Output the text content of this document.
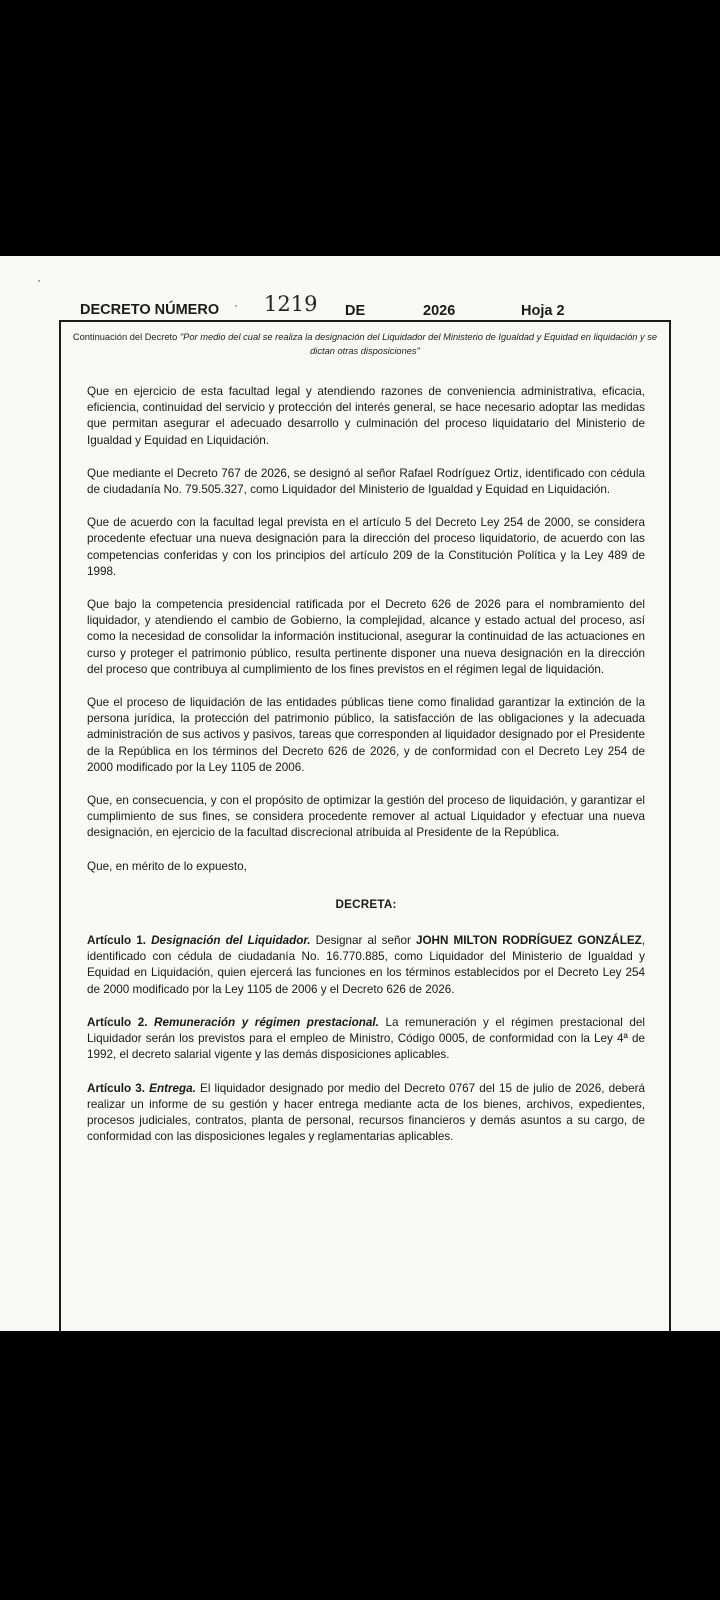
DECRETO NÚMERO · 1219 DE	2026	Hoja 2
Continuación del Decreto "Por medio del cual se realiza la designación del Liquidador del Ministerio de Igualdad y Equidad en liquidación y se dictan otras disposiciones"

Que en ejercicio de esta facultad legal y atendiendo razones de conveniencia administrativa, eficacia, eficiencia, continuidad del servicio y protección del interés general, se hace necesario adoptar las medidas que permitan asegurar el adecuado desarrollo y culminación del proceso liquidatario del Ministerio de Igualdad y Equidad en Liquidación.

Que mediante el Decreto 767 de 2026, se designó al señor Rafael Rodríguez Ortiz, identificado con cédula de ciudadanía No. 79.505.327, como Liquidador del Ministerio de Igualdad y Equidad en Liquidación.

Que de acuerdo con la facultad legal prevista en el artículo 5 del Decreto Ley 254 de 2000, se considera procedente efectuar una nueva designación para la dirección del proceso liquidatorio, de acuerdo con las competencias conferidas y con los principios del artículo 209 de la Constitución Política y la Ley 489 de 1998.

Que bajo la competencia presidencial ratificada por el Decreto 626 de 2026 para el nombramiento del liquidador, y atendiendo el cambio de Gobierno, la complejidad, alcance y estado actual del proceso, así como la necesidad de consolidar la información institucional, asegurar la continuidad de las actuaciones en curso y proteger el patrimonio público, resulta pertinente disponer una nueva designación en la dirección del proceso que contribuya al cumplimiento de los fines previstos en el régimen legal de liquidación.

Que el proceso de liquidación de las entidades públicas tiene como finalidad garantizar la extinción de la persona jurídica, la protección del patrimonio público, la satisfacción de las obligaciones y la adecuada administración de sus activos y pasivos, tareas que corresponden al liquidador designado por el Presidente de la República en los términos del Decreto 626 de 2026, y de conformidad con el Decreto Ley 254 de 2000 modificado por la Ley 1105 de 2006.

Que, en consecuencia, y con el propósito de optimizar la gestión del proceso de liquidación, y garantizar el cumplimiento de sus fines, se considera procedente remover al actual Liquidador y efectuar una nueva designación, en ejercicio de la facultad discrecional atribuida al Presidente de la República.

Que, en mérito de lo expuesto,

DECRETA:

Artículo 1. Designación del Liquidador. Designar al señor JOHN MILTON RODRÍGUEZ GONZÁLEZ, identificado con cédula de ciudadanía No. 16.770.885, como Liquidador del Ministerio de Igualdad y Equidad en Liquidación, quien ejercerá las funciones en los términos establecidos por el Decreto Ley 254 de 2000 modificado por la Ley 1105 de 2006 y el Decreto 626 de 2026.

Artículo 2. Remuneración y régimen prestacional. La remuneración y el régimen prestacional del Liquidador serán los previstos para el empleo de Ministro, Código 0005, de conformidad con la Ley 4ª de 1992, el decreto salarial vigente y las demás disposiciones aplicables.

Artículo 3. Entrega. El liquidador designado por medio del Decreto 0767 del 15 de julio de 2026, deberá realizar un informe de su gestión y hacer entrega mediante acta de los bienes, archivos, expedientes, procesos judiciales, contratos, planta de personal, recursos financieros y demás asuntos a su cargo, de conformidad con las disposiciones legales y reglamentarias aplicables.
